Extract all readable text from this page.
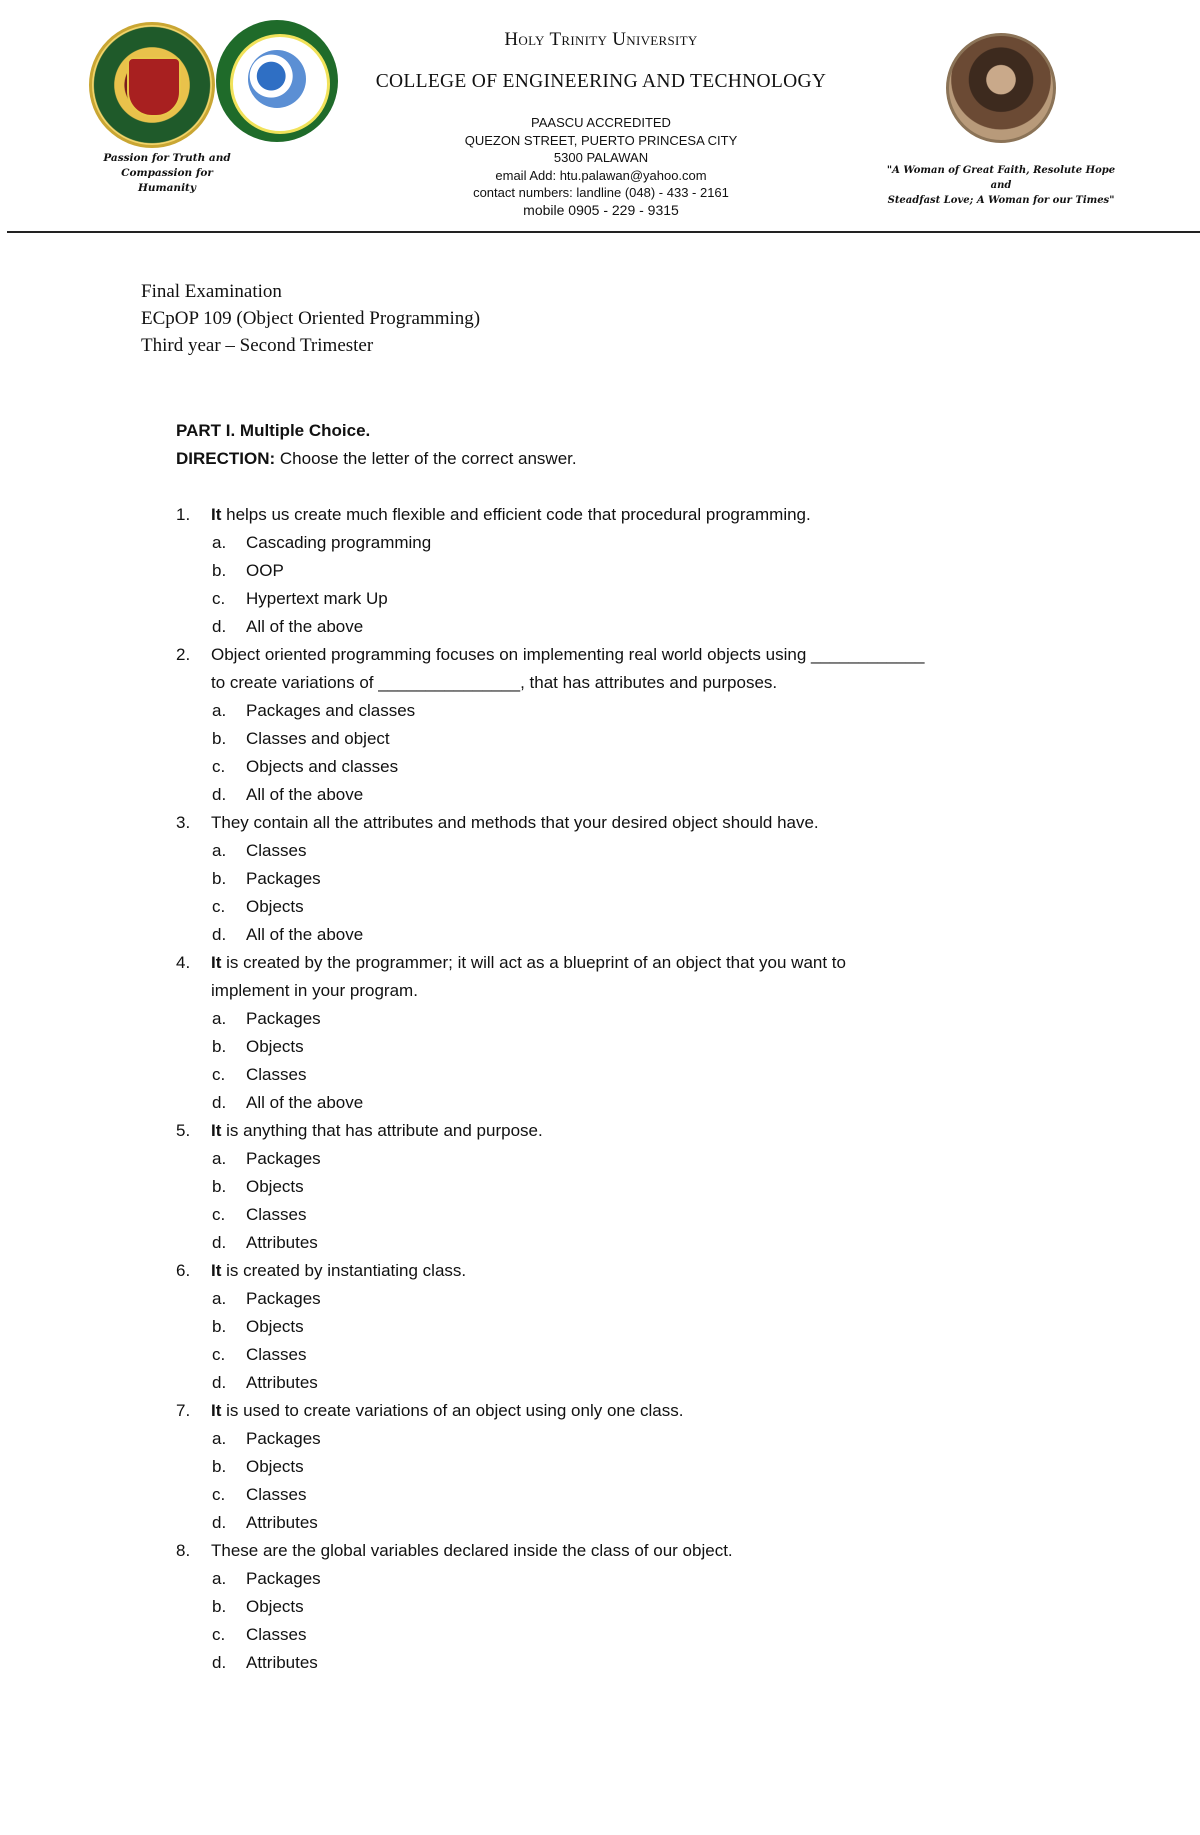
Passion for Truth and
Compassion for Humanity
"A Woman of Great Faith, Resolute Hope and
Steadfast Love; A Woman for our Times"
Holy Trinity University
COLLEGE OF ENGINEERING AND TECHNOLOGY
PAASCU ACCREDITED
QUEZON STREET, PUERTO PRINCESA CITY
5300 PALAWAN
email Add: htu.palawan@yahoo.com
contact numbers: landline (048) - 433 - 2161
mobile 0905 - 229 - 9315
Final Examination
ECpOP 109 (Object Oriented Programming)
Third year – Second Trimester
PART I. Multiple Choice.
DIRECTION: Choose the letter of the correct answer.
1.	It helps us create much flexible and efficient code that procedural programming.
a. Cascading programming
b. OOP
c. Hypertext mark Up
d. All of the above
2.	Object oriented programming focuses on implementing real world objects using ____________
to create variations of _______________, that has attributes and purposes.
a. Packages and classes
b. Classes and object
c. Objects and classes
d. All of the above
3.	They contain all the attributes and methods that your desired object should have.
a. Classes
b. Packages
c. Objects
d. All of the above
4.	It is created by the programmer; it will act as a blueprint of an object that you want to
implement in your program.
a. Packages
b. Objects
c. Classes
d. All of the above
5.	It is anything that has attribute and purpose.
a. Packages
b. Objects
c. Classes
d. Attributes
6.	It is created by instantiating class.
a. Packages
b. Objects
c. Classes
d. Attributes
7.	It is used to create variations of an object using only one class.
a. Packages
b. Objects
c. Classes
d. Attributes
8.	These are the global variables declared inside the class of our object.
a. Packages
b. Objects
c. Classes
d. Attributes
